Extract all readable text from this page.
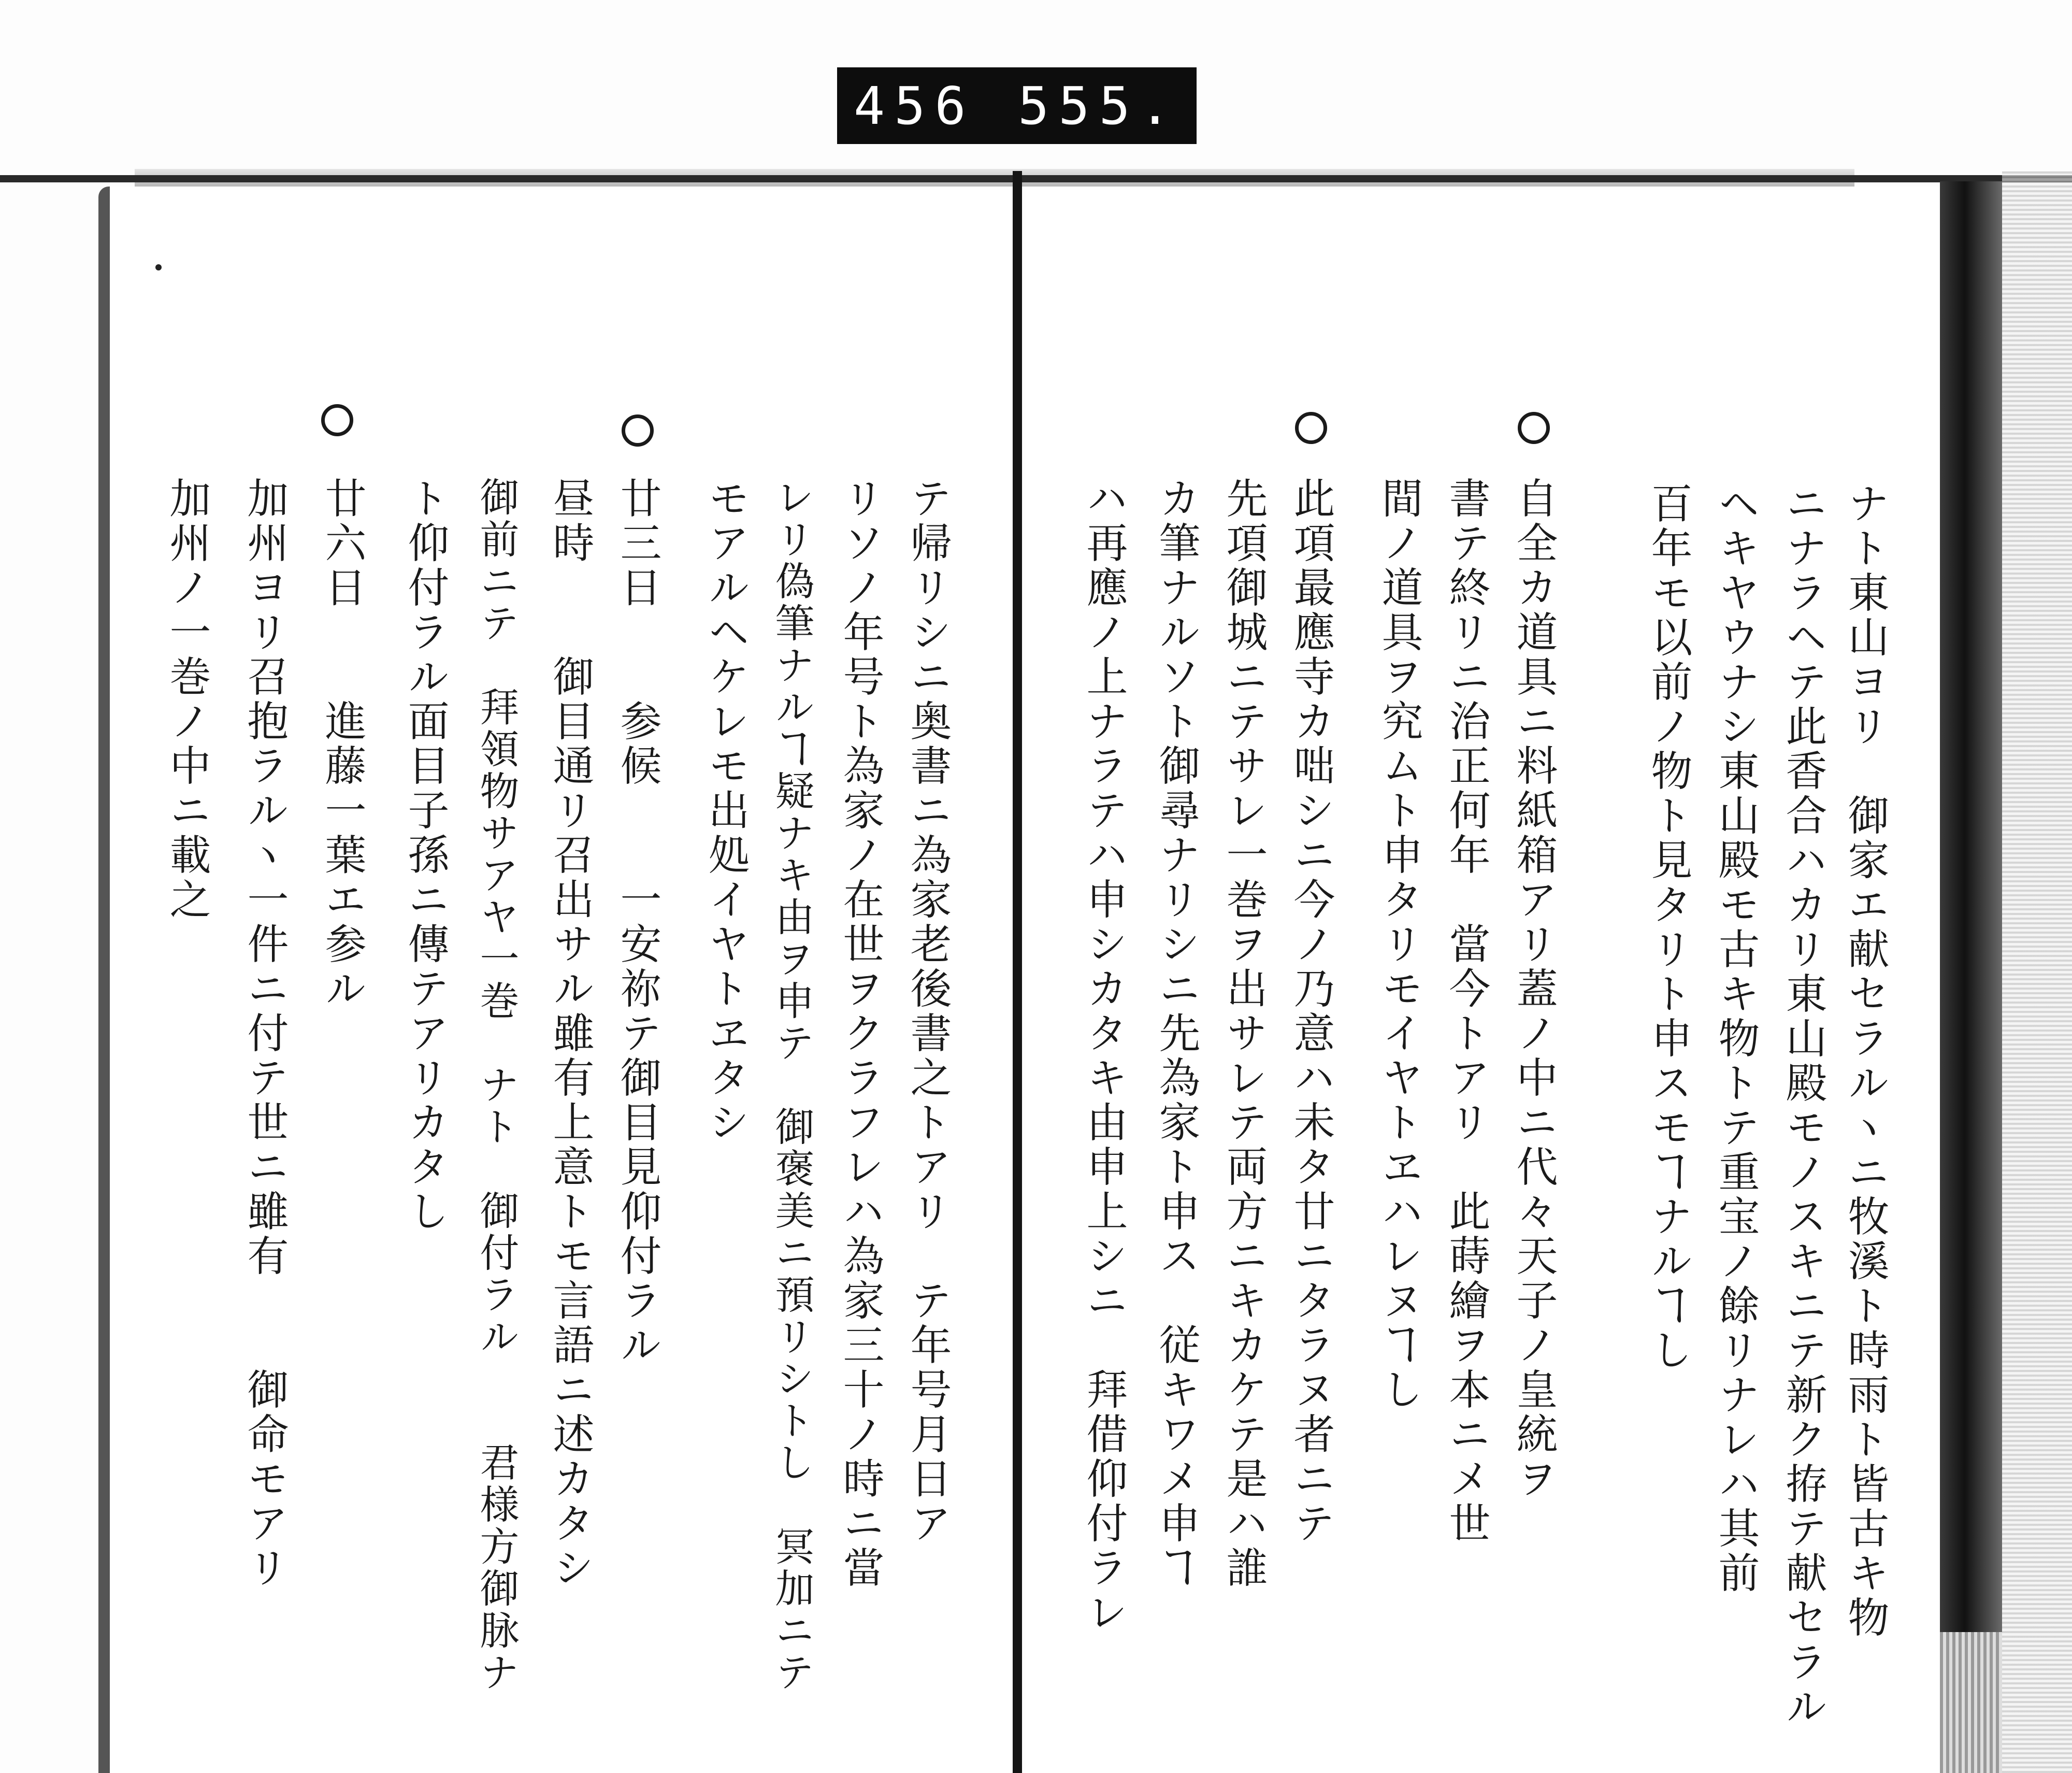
456 555.
ナト東山ヨリ　御家エ献セラルヽニ牧溪ト時雨ト皆古キ物
ニナラヘテ此香合ハカリ東山殿モノスキニテ新ク拵テ献セラル
ヘキヤウナシ東山殿モ古キ物トテ重宝ノ餘リナレハ其前
百年モ以前ノ物ト見タリト申スモヿナルヿし
自全カ道具ニ料紙箱アリ蓋ノ中ニ代々天子ノ皇統ヲ
書テ終リニ治正何年　當今トアリ　此蒔繪ヲ本ニメ世
間ノ道具ヲ究ムト申タリモイヤトヱハレヌヿし
此項最應寺カ咄シニ今ノ乃意ハ未タ廿ニタラヌ者ニテ
先項御城ニテサレ一巻ヲ出サレテ両方ニキカケテ是ハ誰
カ筆ナルソト御尋ナリシニ先為家ト申ス　従キワメ申ヿ
ハ再應ノ上ナラテハ申シカタキ由申上シニ　拜借仰付ラレ
テ帰リシニ奥書ニ為家老後書之トアリ　テ年号月日ア
リソノ年号ト為家ノ在世ヲクラフレハ為家三十ノ時ニ當
レリ偽筆ナルヿ疑ナキ由ヲ申テ　御褒美ニ預リシトし　冥加ニテ
モアルヘケレモ出処イヤトヱタシ
廿三日　　参候　　一安祢テ御目見仰付ラル
昼時　　御目通リ召出サル雖有上意トモ言語ニ述カタシ
御前ニテ　拜領物サアヤ一巻　ナト　御付ラル　　君様方御脉ナ
ト仰付ラル面目子孫ニ傳テアリカタし
廿六日　　進藤一葉エ参ル
加州ヨリ召抱ラルヽ一件ニ付テ世ニ雖有　　御命モアリ
加州ノ一巻ノ中ニ載之
